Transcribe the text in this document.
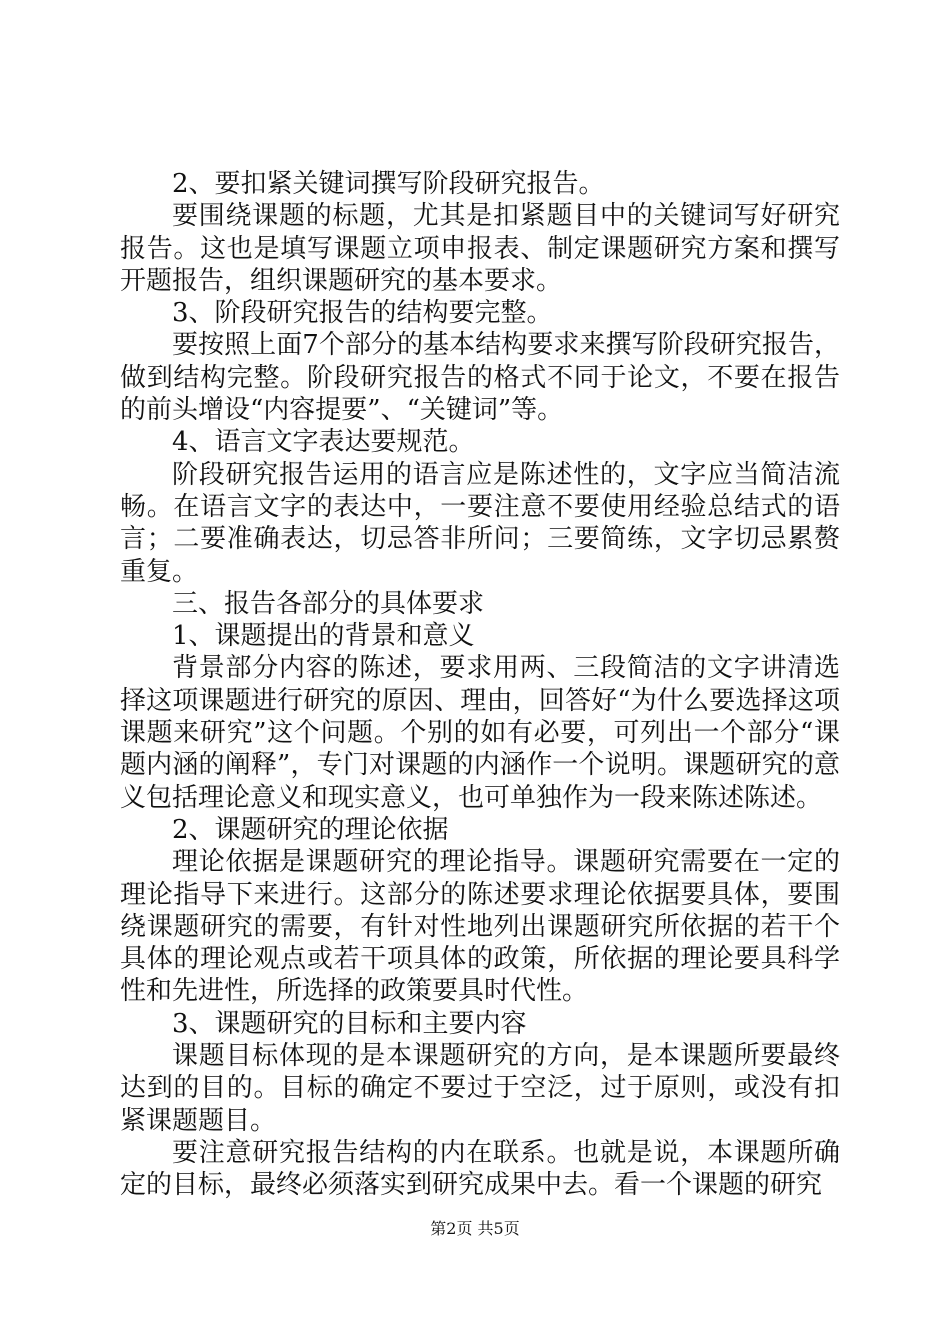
2、要扣紧关键词撰写阶段研究报告。

要围绕课题的标题，尤其是扣紧题目中的关键词写好研究报告。这也是填写课题立项申报表、制定课题研究方案和撰写开题报告，组织课题研究的基本要求。

3、阶段研究报告的结构要完整。

要按照上面7个部分的基本结构要求来撰写阶段研究报告，做到结构完整。阶段研究报告的格式不同于论文，不要在报告的前头增设“内容提要”、“关键词”等。

4、语言文字表达要规范。

阶段研究报告运用的语言应是陈述性的，文字应当简洁流畅。在语言文字的表达中，一要注意不要使用经验总结式的语言；二要准确表达，切忌答非所问；三要简练，文字切忌累赘重复。

三、报告各部分的具体要求

1、课题提出的背景和意义

背景部分内容的陈述，要求用两、三段简洁的文字讲清选择这项课题进行研究的原因、理由，回答好“为什么要选择这项课题来研究”这个问题。个别的如有必要，可列出一个部分“课题内涵的阐释”，专门对课题的内涵作一个说明。课题研究的意义包括理论意义和现实意义，也可单独作为一段来陈述陈述。

2、课题研究的理论依据

理论依据是课题研究的理论指导。课题研究需要在一定的理论指导下来进行。这部分的陈述要求理论依据要具体，要围绕课题研究的需要，有针对性地列出课题研究所依据的若干个具体的理论观点或若干项具体的政策，所依据的理论要具科学性和先进性，所选择的政策要具时代性。

3、课题研究的目标和主要内容

课题目标体现的是本课题研究的方向，是本课题所要最终达到的目的。目标的确定不要过于空泛，过于原则，或没有扣紧课题题目。

要注意研究报告结构的内在联系。也就是说，本课题所确定的目标，最终必须落实到研究成果中去。看一个课题的研究

第2页 共5页
